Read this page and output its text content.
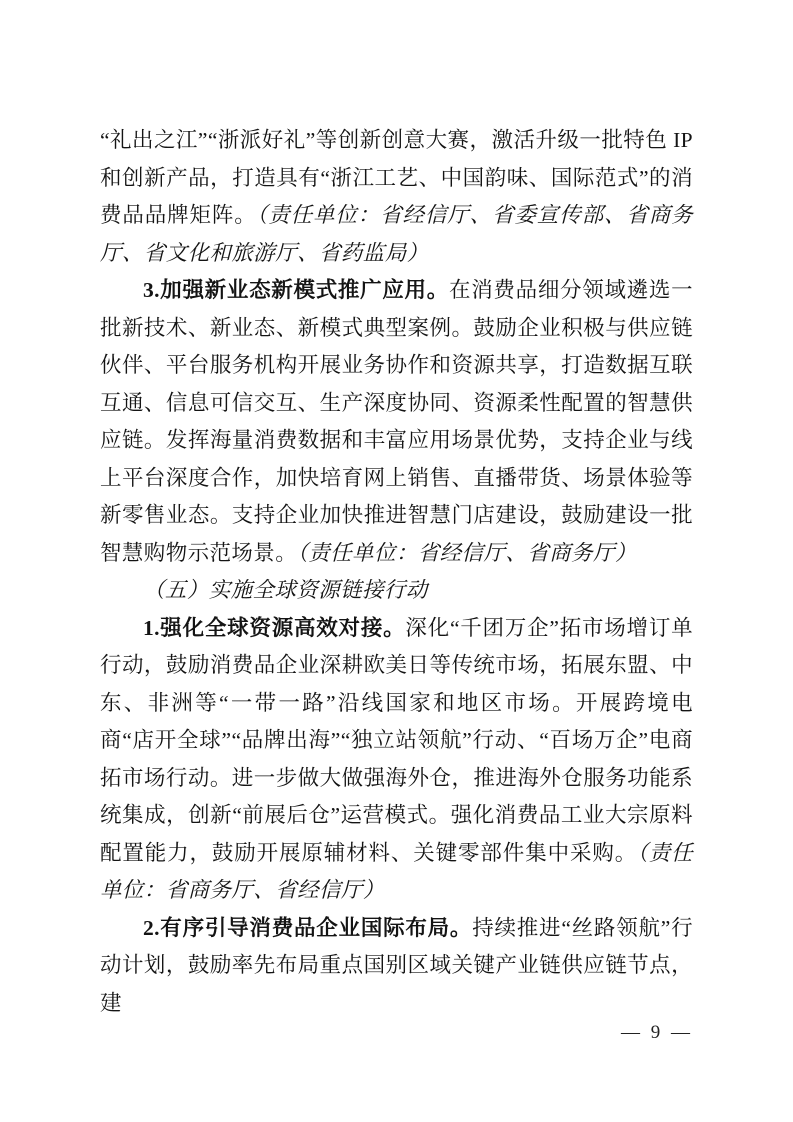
“礼出之江”“浙派好礼”等创新创意大赛，激活升级一批特色 IP 和创新产品，打造具有“浙江工艺、中国韵味、国际范式”的消费品品牌矩阵。（责任单位：省经信厅、省委宣传部、省商务厅、省文化和旅游厅、省药监局）

3.加强新业态新模式推广应用。在消费品细分领域遴选一批新技术、新业态、新模式典型案例。鼓励企业积极与供应链伙伴、平台服务机构开展业务协作和资源共享，打造数据互联互通、信息可信交互、生产深度协同、资源柔性配置的智慧供应链。发挥海量消费数据和丰富应用场景优势，支持企业与线上平台深度合作，加快培育网上销售、直播带货、场景体验等新零售业态。支持企业加快推进智慧门店建设，鼓励建设一批智慧购物示范场景。（责任单位：省经信厅、省商务厅）

（五）实施全球资源链接行动

1.强化全球资源高效对接。深化“千团万企”拓市场增订单行动，鼓励消费品企业深耕欧美日等传统市场，拓展东盟、中东、非洲等“一带一路”沿线国家和地区市场。开展跨境电商“店开全球”“品牌出海”“独立站领航”行动、“百场万企”电商拓市场行动。进一步做大做强海外仓，推进海外仓服务功能系统集成，创新“前展后仓”运营模式。强化消费品工业大宗原料配置能力，鼓励开展原辅材料、关键零部件集中采购。（责任单位：省商务厅、省经信厅）

2.有序引导消费品企业国际布局。持续推进“丝路领航”行动计划，鼓励率先布局重点国别区域关键产业链供应链节点，建

— 9 —
